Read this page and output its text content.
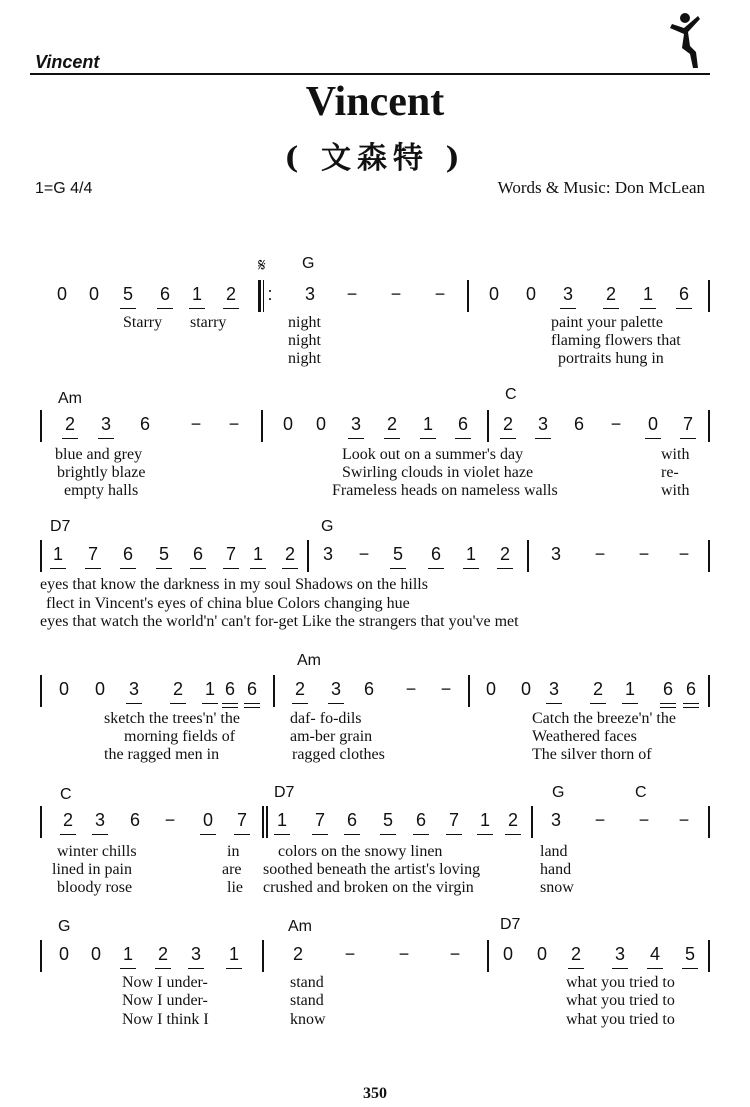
Vincent
Vincent
( 文森特 )
1=G 4/4	Words & Music: Don McLean
𝄋 G
0 0 5 6 1 2 : 3 − − − 0 0 3 2 1 6
Starry starry	night
night
night
paint your palette
flaming flowers that
portraits hung in
Am	C
2 3 6 − − 0 0 3 2 1 6 2 3 6 − 0 7
blue and grey
brightly blaze
empty halls
Look out on a summer's day
Swirling clouds in violet haze
Frameless heads on nameless walls
with
re-
with
D7	G
1 7 6 5 6 7 1 2 3 − 5 6 1 2 3 − − −
eyes that know the darkness in my soul Shadows on the hills
flect in Vincent's eyes of china blue Colors changing hue
eyes that watch the world'n' can't for-get Like the strangers that you've met
Am
0 0 3 2 1 6 6 2 3 6 − − 0 0 3 2 1 6 6
sketch the trees'n' the
morning fields of
the ragged men in
daf- fo-dils
am-ber grain
ragged clothes
Catch the breeze'n' the
Weathered faces
The silver thorn of
C	D7	G	C
2 3 6 − 0 7 1 7 6 5 6 7 1 2 3 − − −
winter chills
lined in pain
bloody rose
in
are
lie
colors on the snowy linen
soothed beneath the artist's loving
crushed and broken on the virgin
land
hand
snow
G	Am	D7
0 0 1 2 3 1	2 − − − 0 0 2 3 4 5
Now I under-
Now I under-
Now I think I
stand
stand
know
what you tried to
what you tried to
what you tried to
350
